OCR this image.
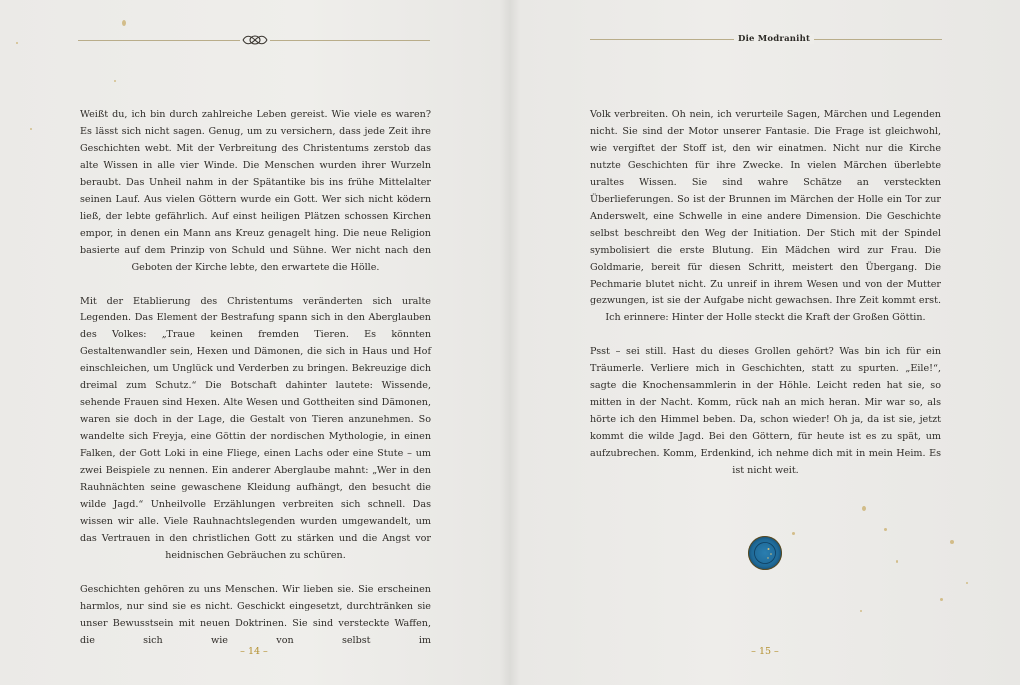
Weißt du, ich bin durch zahlreiche Leben gereist. Wie viele es waren? Es lässt sich nicht sagen. Genug, um zu versichern, dass jede Zeit ihre Geschichten webt. Mit der Verbreitung des Christentums zerstob das alte Wissen in alle vier Winde. Die Menschen wurden ihrer Wurzeln beraubt. Das Unheil nahm in der Spätantike bis ins frühe Mittelalter seinen Lauf. Aus vielen Göttern wurde ein Gott. Wer sich nicht ködern ließ, der lebte gefährlich. Auf einst heiligen Plätzen schossen Kirchen empor, in denen ein Mann ans Kreuz genagelt hing. Die neue Religion basierte auf dem Prinzip von Schuld und Sühne. Wer nicht nach den Geboten der Kirche lebte, den erwartete die Hölle.

Mit der Etablierung des Christentums veränderten sich uralte Legenden. Das Element der Bestrafung spann sich in den Aberglauben des Volkes: „Traue keinen fremden Tieren. Es könnten Gestaltenwandler sein, Hexen und Dämonen, die sich in Haus und Hof einschleichen, um Unglück und Verderben zu bringen. Bekreuzige dich dreimal zum Schutz.“ Die Botschaft dahinter lautete: Wissende, sehende Frauen sind Hexen. Alte Wesen und Gottheiten sind Dämonen, waren sie doch in der Lage, die Gestalt von Tieren anzunehmen. So wandelte sich Freyja, eine Göttin der nordischen Mythologie, in einen Falken, der Gott Loki in eine Fliege, einen Lachs oder eine Stute – um zwei Beispiele zu nennen. Ein anderer Aberglaube mahnt: „Wer in den Rauhnächten seine gewaschene Kleidung aufhängt, den besucht die wilde Jagd.“ Unheilvolle Erzählungen verbreiten sich schnell. Das wissen wir alle. Viele Rauhnachtslegenden wurden umgewandelt, um das Vertrauen in den christlichen Gott zu stärken und die Angst vor heidnischen Gebräuchen zu schüren.

Geschichten gehören zu uns Menschen. Wir lieben sie. Sie erscheinen harmlos, nur sind sie es nicht. Geschickt eingesetzt, durchtränken sie unser Bewusstsein mit neuen Doktrinen. Sie sind versteckte Waffen, die sich wie von selbst im

– 14 –
Die Modraniht

Volk verbreiten. Oh nein, ich verurteile Sagen, Märchen und Legenden nicht. Sie sind der Motor unserer Fantasie. Die Frage ist gleichwohl, wie vergiftet der Stoff ist, den wir einatmen. Nicht nur die Kirche nutzte Geschichten für ihre Zwecke. In vielen Märchen überlebte uraltes Wissen. Sie sind wahre Schätze an versteckten Überlieferungen. So ist der Brunnen im Märchen der Holle ein Tor zur Anderswelt, eine Schwelle in eine andere Dimension. Die Geschichte selbst beschreibt den Weg der Initiation. Der Stich mit der Spindel symbolisiert die erste Blutung. Ein Mädchen wird zur Frau. Die Goldmarie, bereit für diesen Schritt, meistert den Übergang. Die Pechmarie blutet nicht. Zu unreif in ihrem Wesen und von der Mutter gezwungen, ist sie der Aufgabe nicht gewachsen. Ihre Zeit kommt erst. Ich erinnere: Hinter der Holle steckt die Kraft der Großen Göttin.

Psst – sei still. Hast du dieses Grollen gehört? Was bin ich für ein Träumerle. Verliere mich in Geschichten, statt zu spurten. „Eile!“, sagte die Knochensammlerin in der Höhle. Leicht reden hat sie, so mitten in der Nacht. Komm, rück nah an mich heran. Mir war so, als hörte ich den Himmel beben. Da, schon wieder! Oh ja, da ist sie, jetzt kommt die wilde Jagd. Bei den Göttern, für heute ist es zu spät, um aufzubrechen. Komm, Erdenkind, ich nehme dich mit in mein Heim. Es ist nicht weit.

– 15 –
